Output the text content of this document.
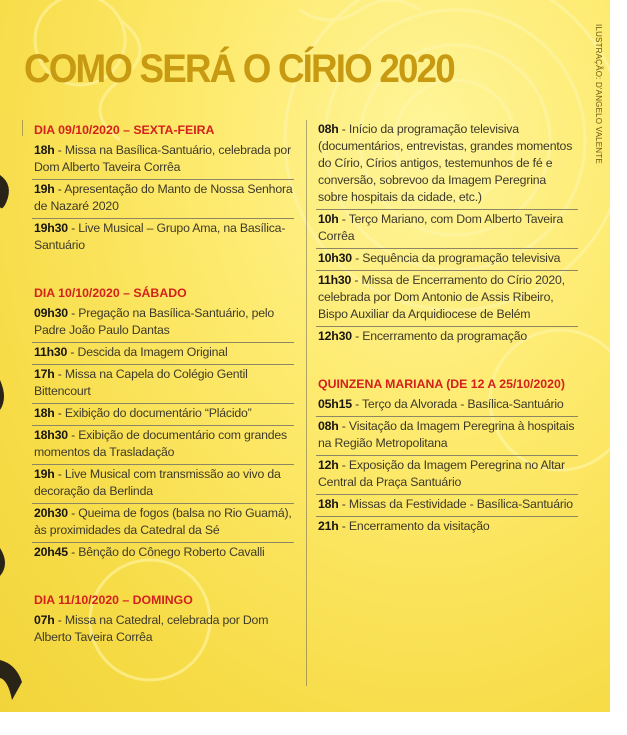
COMO SERÁ O CÍRIO 2020	ILUSTRAÇÃO: D'ANGELO VALENTE
DIA 09/10/2020 – SEXTA-FEIRA
18h - Missa na Basílica-Santuário, celebrada por Dom Alberto Taveira Corrêa
19h - Apresentação do Manto de Nossa Senhora de Nazaré 2020
19h30 - Live Musical – Grupo Ama, na Basílica-Santuário
DIA 10/10/2020 – SÁBADO
09h30 - Pregação na Basílica-Santuário, pelo Padre João Paulo Dantas
11h30 - Descida da Imagem Original
17h - Missa na Capela do Colégio Gentil Bittencourt
18h - Exibição do documentário “Plácido”
18h30 - Exibição de documentário com grandes momentos da Trasladação
19h - Live Musical com transmissão ao vivo da decoração da Berlinda
20h30 - Queima de fogos (balsa no Rio Guamá), às proximidades da Catedral da Sé
20h45 - Bênção do Cônego Roberto Cavalli
DIA 11/10/2020 – DOMINGO
07h - Missa na Catedral, celebrada por Dom Alberto Taveira Corrêa
08h - Início da programação televisiva (documentários, entrevistas, grandes momentos do Círio, Círios antigos, testemunhos de fé e conversão, sobrevoo da Imagem Peregrina sobre hospitais da cidade, etc.)
10h - Terço Mariano, com Dom Alberto Taveira Corrêa
10h30 - Sequência da programação televisiva
11h30 - Missa de Encerramento do Círio 2020, celebrada por Dom Antonio de Assis Ribeiro, Bispo Auxiliar da Arquidiocese de Belém
12h30 - Encerramento da programação
QUINZENA MARIANA (DE 12 A 25/10/2020)
05h15 - Terço da Alvorada - Basílica-Santuário
08h - Visitação da Imagem Peregrina à hospitais na Região Metropolitana
12h - Exposição da Imagem Peregrina no Altar Central da Praça Santuário
18h - Missas da Festividade - Basílica-Santuário
21h - Encerramento da visitação
